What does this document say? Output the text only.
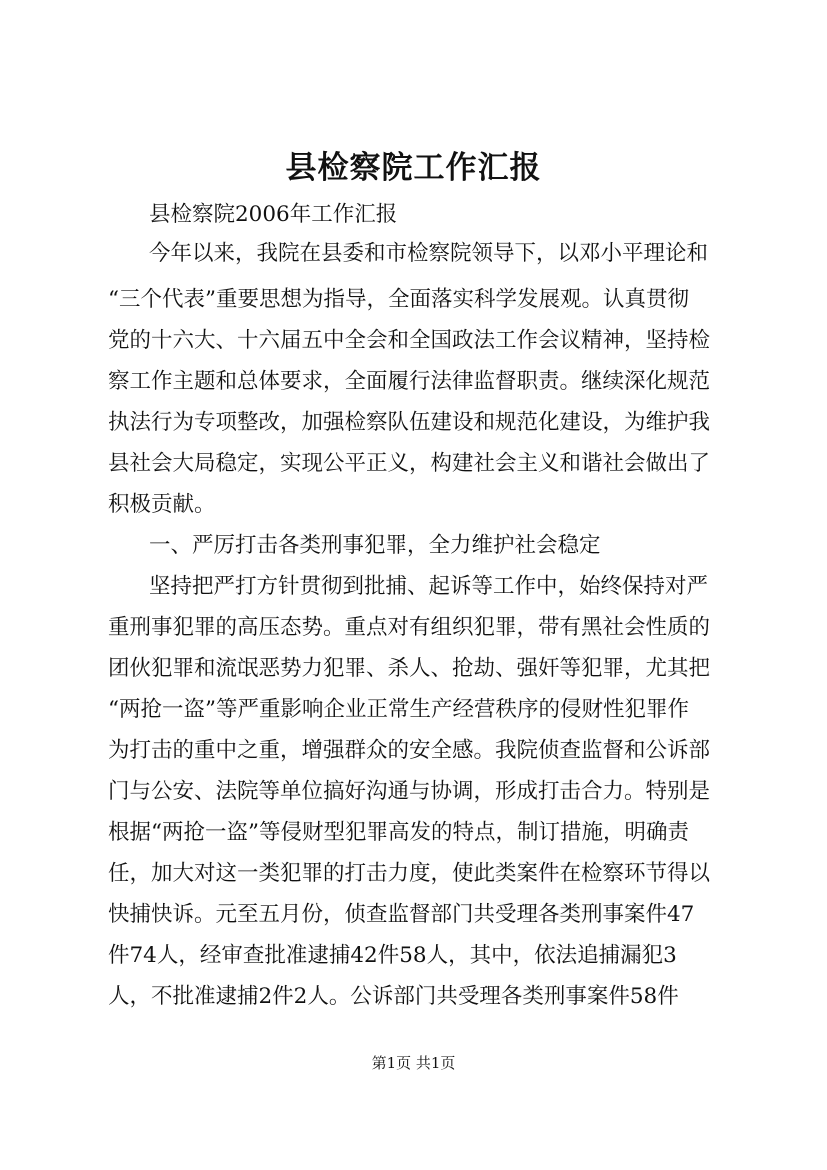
县检察院工作汇报
县检察院2006年工作汇报
今年以来，我院在县委和市检察院领导下，以邓小平理论和
“三个代表”重要思想为指导，全面落实科学发展观。认真贯彻
党的十六大、十六届五中全会和全国政法工作会议精神，坚持检
察工作主题和总体要求，全面履行法律监督职责。继续深化规范
执法行为专项整改，加强检察队伍建设和规范化建设，为维护我
县社会大局稳定，实现公平正义，构建社会主义和谐社会做出了
积极贡献。
一、严厉打击各类刑事犯罪，全力维护社会稳定
坚持把严打方针贯彻到批捕、起诉等工作中，始终保持对严
重刑事犯罪的高压态势。重点对有组织犯罪，带有黑社会性质的
团伙犯罪和流氓恶势力犯罪、杀人、抢劫、强奸等犯罪，尤其把
“两抢一盗”等严重影响企业正常生产经营秩序的侵财性犯罪作
为打击的重中之重，增强群众的安全感。我院侦查监督和公诉部
门与公安、法院等单位搞好沟通与协调，形成打击合力。特别是
根据“两抢一盗”等侵财型犯罪高发的特点，制订措施，明确责
任，加大对这一类犯罪的打击力度，使此类案件在检察环节得以
快捕快诉。元至五月份，侦查监督部门共受理各类刑事案件47
件74人，经审查批准逮捕42件58人，其中，依法追捕漏犯3
人，不批准逮捕2件2人。公诉部门共受理各类刑事案件58件
第1页 共1页
